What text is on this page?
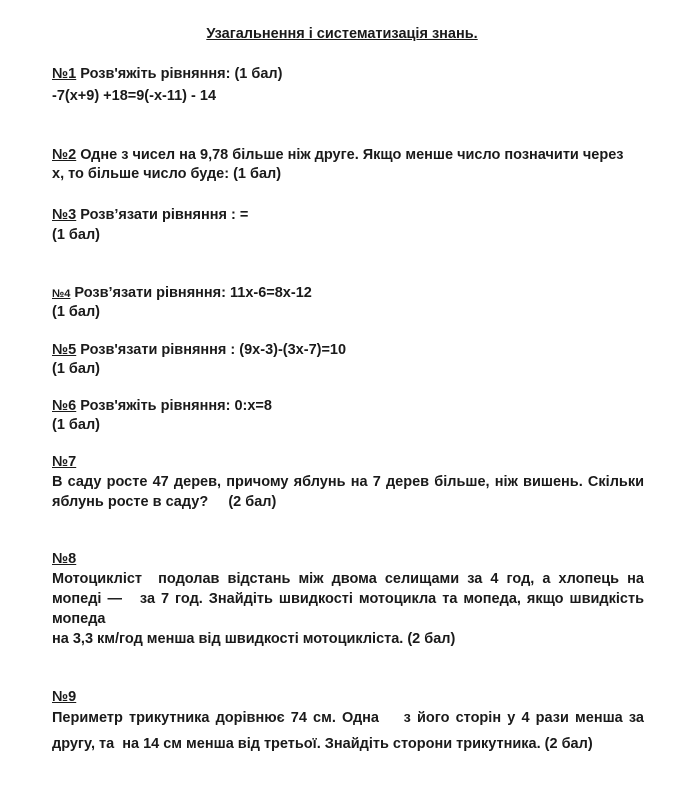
Узагальнення і систематизація знань.
№1 Розв'яжіть рівняння: (1 бал)
-7(x+9) +18=9(-x-11) - 14
№2 Одне з чисел на 9,78 більше ніж друге. Якщо менше число позначити через
x, то більше число буде: (1 бал)
№3 Розв’язати рівняння : =
(1 бал)
№4 Розв’язати рівняння: 11x-6=8x-12
(1 бал)
№5 Розв'язати рівняння : (9x-3)-(3x-7)=10
(1 бал)
№6 Розв'яжіть рівняння: 0:x=8
(1 бал)
№7
В саду росте 47 дерев, причому яблунь на 7 дерев більше, ніж вишень. Скільки
яблунь росте в саду?     (2 бал)
№8
Мотоцикліст  подолав відстань між двома селищами за 4 год, а хлопець на
мопеді —   за 7 год. Знайдіть швидкості мотоцикла та мопеда, якщо швидкість
мопеда
на 3,3 км/год менша від швидкості мотоцикліста. (2 бал)
№9
Периметр трикутника дорівнює 74 см. Одна    з його сторін у 4 рази менша за
другу, та  на 14 см менша від третьої. Знайдіть сторони трикутника. (2 бал)
